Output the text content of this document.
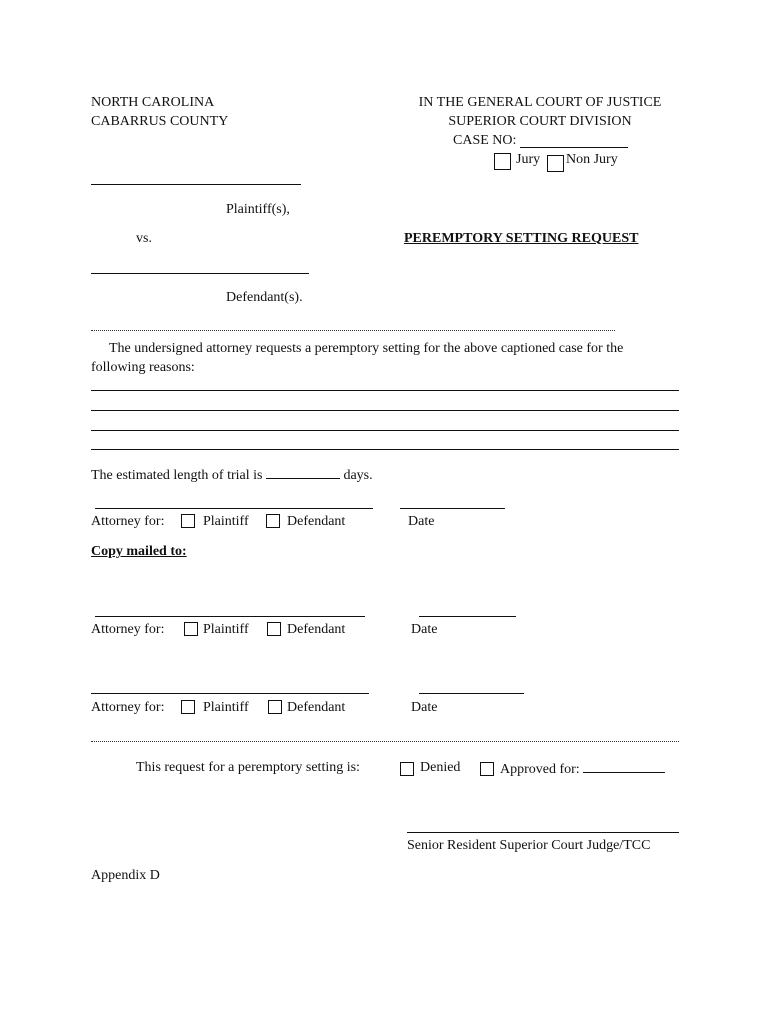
NORTH CAROLINA
CABARRUS COUNTY
IN THE GENERAL COURT OF JUSTICE
SUPERIOR COURT DIVISION
CASE NO:
Jury Non Jury
Plaintiff(s),
vs.	PEREMPTORY SETTING REQUEST
Defendant(s).
The undersigned attorney requests a peremptory setting for the above captioned case for the
following reasons:
The estimated length of trial is	days.
Attorney for:	Plaintiff	Defendant	Date
Copy mailed to:
Attorney for:	Plaintiff	Defendant	Date
Attorney for:	Plaintiff	Defendant	Date
This request for a peremptory setting is:	Denied	Approved for:
Senior Resident Superior Court Judge/TCC
Appendix D
